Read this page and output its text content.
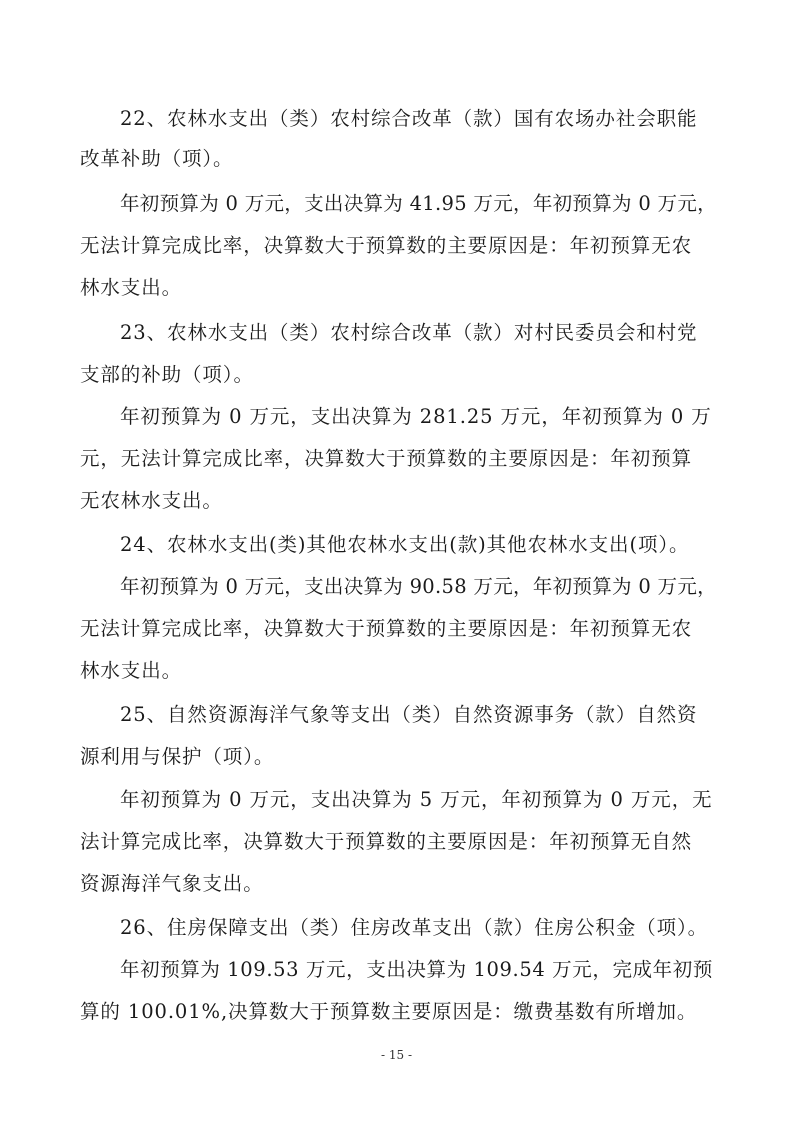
22、农林水支出（类）农村综合改革（款）国有农场办社会职能
改革补助（项）。
年初预算为 0 万元，支出决算为 41.95 万元，年初预算为 0 万元，
无法计算完成比率，决算数大于预算数的主要原因是：年初预算无农
林水支出。
23、农林水支出（类）农村综合改革（款）对村民委员会和村党
支部的补助（项）。
年初预算为 0 万元，支出决算为 281.25 万元，年初预算为 0 万
元，无法计算完成比率，决算数大于预算数的主要原因是：年初预算
无农林水支出。
24、农林水支出(类)其他农林水支出(款)其他农林水支出(项）。
年初预算为 0 万元，支出决算为 90.58 万元，年初预算为 0 万元，
无法计算完成比率，决算数大于预算数的主要原因是：年初预算无农
林水支出。
25、自然资源海洋气象等支出（类）自然资源事务（款）自然资
源利用与保护（项）。
年初预算为 0 万元，支出决算为 5 万元，年初预算为 0 万元，无
法计算完成比率，决算数大于预算数的主要原因是：年初预算无自然
资源海洋气象支出。
26、住房保障支出（类）住房改革支出（款）住房公积金（项）。
年初预算为 109.53 万元，支出决算为 109.54 万元，完成年初预
算的 100.01%,决算数大于预算数主要原因是：缴费基数有所增加。
- 15 -
